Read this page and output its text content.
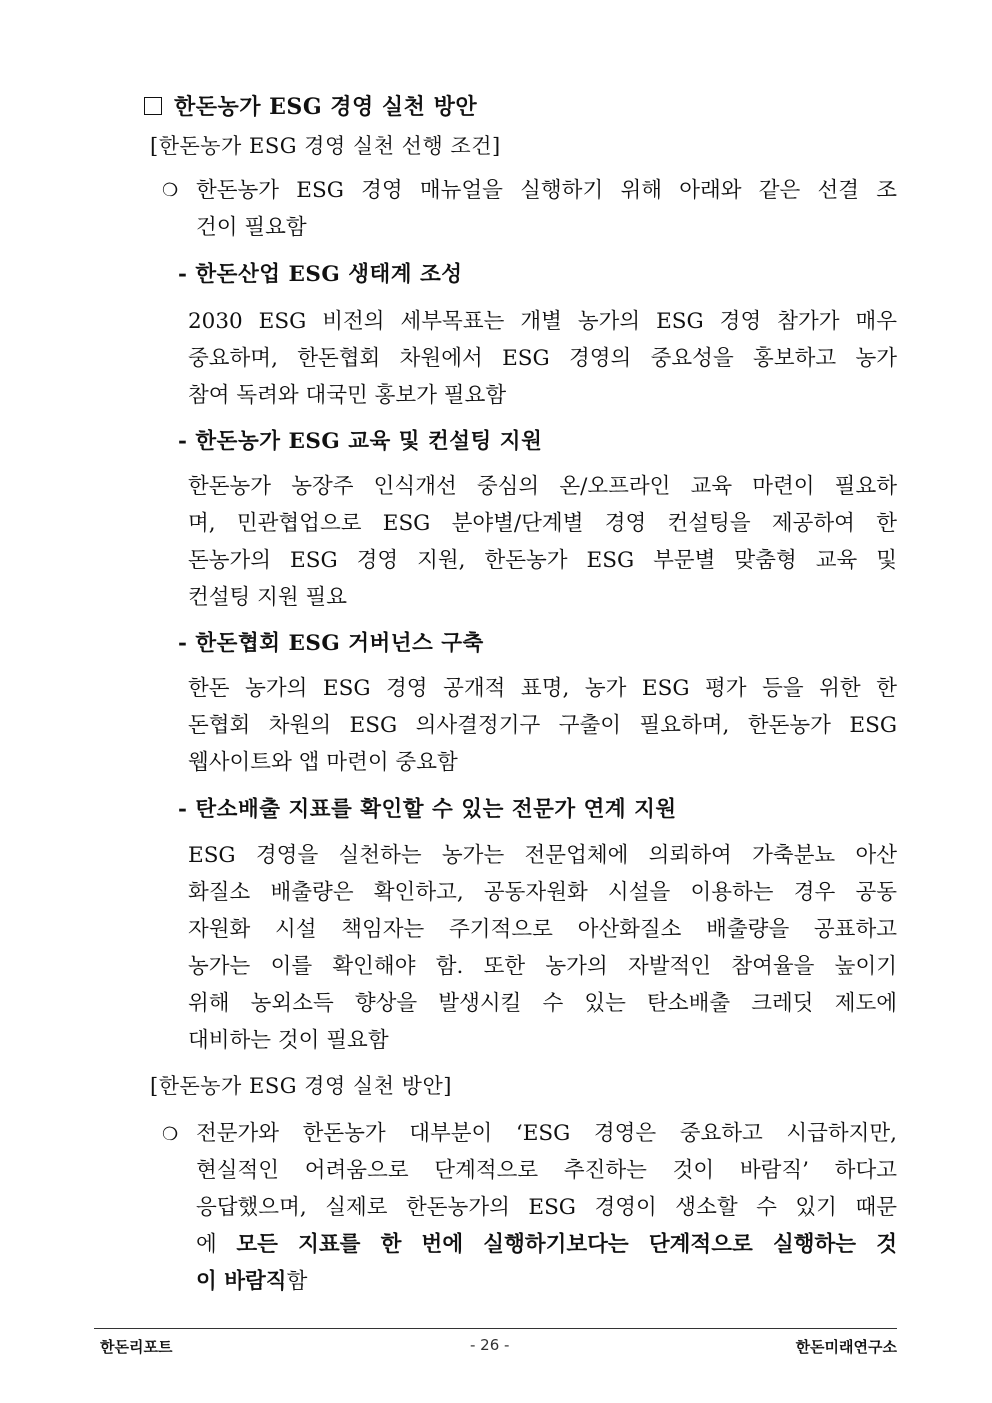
한돈농가 ESG 경영 실천 방안
[한돈농가 ESG 경영 실천 선행 조건]
❍ 한돈농가 ESG 경영 매뉴얼을 실행하기 위해 아래와 같은 선결 조
건이 필요함
- 한돈산업 ESG 생태계 조성
2030 ESG 비전의 세부목표는 개별 농가의 ESG 경영 참가가 매우
중요하며, 한돈협회 차원에서 ESG 경영의 중요성을 홍보하고 농가
참여 독려와 대국민 홍보가 필요함
- 한돈농가 ESG 교육 및 컨설팅 지원
한돈농가 농장주 인식개선 중심의 온/오프라인 교육 마련이 필요하
며, 민관협업으로 ESG 분야별/단계별 경영 컨설팅을 제공하여 한
돈농가의 ESG 경영 지원, 한돈농가 ESG 부문별 맞춤형 교육 및
컨설팅 지원 필요
- 한돈협회 ESG 거버넌스 구축
한돈 농가의 ESG 경영 공개적 표명, 농가 ESG 평가 등을 위한 한
돈협회 차원의 ESG 의사결정기구 구출이 필요하며, 한돈농가 ESG
웹사이트와 앱 마련이 중요함
- 탄소배출 지표를 확인할 수 있는 전문가 연계 지원
ESG 경영을 실천하는 농가는 전문업체에 의뢰하여 가축분뇨 아산
화질소 배출량은 확인하고, 공동자원화 시설을 이용하는 경우 공동
자원화 시설 책임자는 주기적으로 아산화질소 배출량을 공표하고
농가는 이를 확인해야 함. 또한 농가의 자발적인 참여율을 높이기
위해 농외소득 향상을 발생시킬 수 있는 탄소배출 크레딧 제도에
대비하는 것이 필요함
[한돈농가 ESG 경영 실천 방안]
❍ 전문가와 한돈농가 대부분이 ‘ESG 경영은 중요하고 시급하지만,
현실적인 어려움으로 단계적으로 추진하는 것이 바람직’ 하다고
응답했으며, 실제로 한돈농가의 ESG 경영이 생소할 수 있기 때문
에 모든 지표를 한 번에 실행하기보다는 단계적으로 실행하는 것
이 바람직함
한돈리포트	- 26 -	한돈미래연구소
